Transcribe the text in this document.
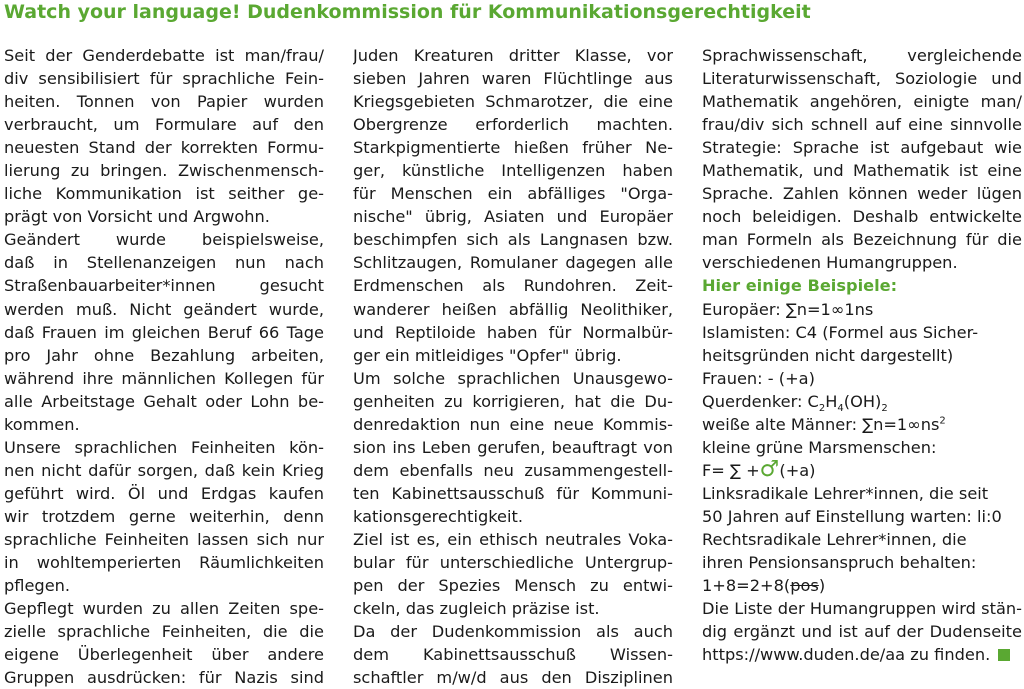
Watch your language! Dudenkommission für Kommunikationsgerechtigkeit
Seit der Genderdebatte ist man/frau/
div sensibilisiert für sprachliche Fein-
heiten. Tonnen von Papier wurden
verbraucht, um Formulare auf den
neuesten Stand der korrekten Formu-
lierung zu bringen. Zwischenmensch-
liche Kommunikation ist seither ge-
prägt von Vorsicht und Argwohn.
Geändert wurde beispielsweise,
daß in Stellenanzeigen nun nach
Straßenbauarbeiter*innen gesucht
werden muß. Nicht geändert wurde,
daß Frauen im gleichen Beruf 66 Tage
pro Jahr ohne Bezahlung arbeiten,
während ihre männlichen Kollegen für
alle Arbeitstage Gehalt oder Lohn be-
kommen.
Unsere sprachlichen Feinheiten kön-
nen nicht dafür sorgen, daß kein Krieg
geführt wird. Öl und Erdgas kaufen
wir trotzdem gerne weiterhin, denn
sprachliche Feinheiten lassen sich nur
in wohltemperierten Räumlichkeiten
pflegen.
Gepflegt wurden zu allen Zeiten spe-
zielle sprachliche Feinheiten, die die
eigene Überlegenheit über andere
Gruppen ausdrücken: für Nazis sind
Juden Kreaturen dritter Klasse, vor
sieben Jahren waren Flüchtlinge aus
Kriegsgebieten Schmarotzer, die eine
Obergrenze erforderlich machten.
Starkpigmentierte hießen früher Ne-
ger, künstliche Intelligenzen haben
für Menschen ein abfälliges "Orga-
nische" übrig, Asiaten und Europäer
beschimpfen sich als Langnasen bzw.
Schlitzaugen, Romulaner dagegen alle
Erdmenschen als Rundohren. Zeit-
wanderer heißen abfällig Neolithiker,
und Reptiloide haben für Normalbür-
ger ein mitleidiges "Opfer" übrig.
Um solche sprachlichen Unausgewo-
genheiten zu korrigieren, hat die Du-
denredaktion nun eine neue Kommis-
sion ins Leben gerufen, beauftragt von
dem ebenfalls neu zusammengestell-
ten Kabinettsausschuß für Kommuni-
kationsgerechtigkeit.
Ziel ist es, ein ethisch neutrales Voka-
bular für unterschiedliche Untergrup-
pen der Spezies Mensch zu entwi-
ckeln, das zugleich präzise ist.
Da der Dudenkommission als auch
dem Kabinettsausschuß Wissen-
schaftler m/w/d aus den Disziplinen
Sprachwissenschaft, vergleichende
Literaturwissenschaft, Soziologie und
Mathematik angehören, einigte man/
frau/div sich schnell auf eine sinnvolle
Strategie: Sprache ist aufgebaut wie
Mathematik, und Mathematik ist eine
Sprache. Zahlen können weder lügen
noch beleidigen. Deshalb entwickelte
man Formeln als Bezeichnung für die
verschiedenen Humangruppen.
Hier einige Beispiele:
Europäer: ∑n=1∞1ns
Islamisten: C4 (Formel aus Sicher-
heitsgründen nicht dargestellt)
Frauen: - (+a)
Querdenker: $C_2H_4(OH)_2$
weiße alte Männer: $\sum n=1\infty ns^2$
kleine grüne Marsmenschen:
F= ∑ +♂(+a)
Linksradikale Lehrer*innen, die seit
50 Jahren auf Einstellung warten: li:0
Rechtsradikale Lehrer*innen, die
ihren Pensionsanspruch behalten:
1+8=2+8(pos)
Die Liste der Humangruppen wird stän-
dig ergänzt und ist auf der Dudenseite
https://www.duden.de/aa zu finden.
